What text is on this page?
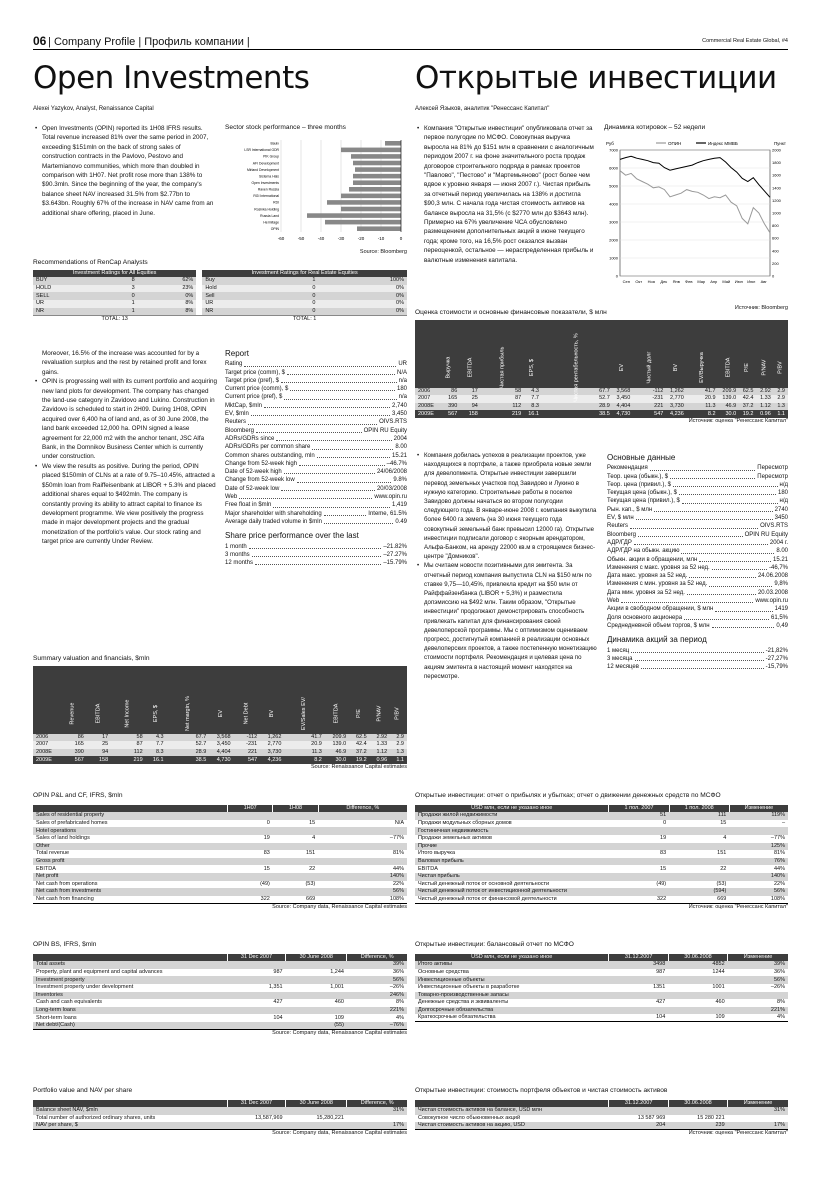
06 | Company Profile | Профиль компании |	Commercial Real Estate Global, #4
Open Investments	Открытые инвестиции
Alexei Yazykov, Analyst, Renaissance Capital	Алексей Языков, аналитик "Ренессанс Капитал"
• Open Investments (OPIN) reported its 1H08 IFRS results. Total revenue increased 81% over the same period in 2007, exceeding $151mln on the back of strong sales of construction contracts in the Pavlovo, Pestovo and Martemianovo communities, which more than doubled in comparison with 1H07. Net profit rose more than 138% to $90.3mln. Since the beginning of the year, the company's balance sheet NAV increased 31.5% from $2.77bn to $3.643bn. Roughly 67% of the increase in NAV came from an additional share offering, placed in June.
Sector stock performance – three months
-60	-50	-40	-30	-20	-10	0
Bauix
LSR International GDR
PIK Group
AFI Development
Mirland Development
Sistema Hals
Open Investments
Raven Russia
RGI International
RDI
Rosinka Holding
Russia Land
Hermitage
OPIN
Source: Bloomberg
Recommendations of RenCap Analysts
Investment Ratings for All Equities				Investment Ratings for Real Estate Equities		
BUY	8	62%		Buy	1	100%
HOLD	3	23%		Hold	0	0%
SELL	0	0%		Sell	0	0%
UR	1	8%		UR	0	0%
NR	1	8%		NR	0	0%
TOTAL: 13				TOTAL: 1		
Moreover, 16.5% of the increase was accounted for by a revaluation surplus and the rest by retained profit and forex gains.
• OPIN is progressing well with its current portfolio and acquiring new land plots for development. The company has changed the land-use category in Zavidovo and Lukino. Construction in Zavidovo is scheduled to start in 2H09. During 1H08, OPIN acquired over 6,400 ha of land and, as of 30 June 2008, the land bank exceeded 12,000 ha. OPIN signed a lease agreement for 22,000 m2 with the anchor tenant, JSC Alfa Bank, in the Domnikov Business Center which is currently under construction.
• We view the results as positive. During the period, OPIN placed $150mln of CLNs at a rate of 9.75–10.45%, attracted a $50mln loan from Raiffeisenbank at LIBOR + 5.3% and placed additional shares equal to $492mln. The company is constantly proving its ability to attract capital to finance its development programme. We view positively the progress made in major development projects and the gradual monetization of the portfolio's value. Our stock rating and target price are currently Under Review.
Report
Rating	UR
Target price (comm), $	N/A
Target price (pref), $	n/a
Current price (comm), $	180
Current price (pref), $	n/a
MktCap, $mln	2,740
EV, $mln	3,450
Reuters	OIVS.RTS
Bloomberg	OPIN RU Equity
ADRs/GDRs since	2004
ADRs/GDRs per common share	8.00
Common shares outstanding, mln	15.21
Change from 52-week high	–46.7%
Date of 52-week high	24/06/2008
Change from 52-week low	9.8%
Date of 52-week low	20/03/2008
Web	www.opin.ru
Free float in $mln	1,419
Major shareholder with shareholding	Inteme, 61.5%
Average daily traded volume in $mln	0.49
Share price performance over the last
1 month	–21.82%
3 months	–27.27%
12 months	–15.79%
Summary valuation and financials, $mln
	Revenue	EBITDA	Net Income	EPS, $	Net margin, %	EV	Net Debt	BV	EV/Sales EV/	EBITDA	P/E	P/NAV	P/BV
2006	86	17	58	4.3	67.7	3,568	-112	1,262	41.7	209.9	62.5	2.92	2.9
2007	165	25	87	7.7	52.7	3,450	-231	2,770	20.9	139.0	42.4	1.33	2.9
2008E	390	94	112	8.3	28.9	4,404	221	3,730	11.3	46.9	37.2	1.12	1.3
2009E	567	158	219	16.1	38.5	4,730	547	4,236	8.2	30.0	19.2	0.96	1.1
Source: Renaissance Capital estimates
• Компания "Открытые инвестиции" опубликовала отчет за первое полугодие по МСФО. Совокупная выручка выросла на 81% до $151 млн в сравнении с аналогичным периодом 2007 г. на фоне значительного роста продаж договоров строительного подряда в рамках проектов "Павлово", "Пестово" и "Мартемьяново" (рост более чем вдвое к уровню января — июня 2007 г.). Чистая прибыль за отчетный период увеличилась на 138% и достигла $90,3 млн. С начала года чистая стоимость активов на балансе выросла на 31,5% (с $2770 млн до $3643 млн). Примерно на 67% увеличение ЧСА обусловлено размещением дополнительных акций в июне текущего года; кроме того, на 16,5% рост оказался вызван переоценкой, остальное — нераспределенная прибыль и валютные изменения капитала.
Динамика котировок – 52 недели
Руб	Пункт
ОПИН	Индекс ММВБ
0
1000
2000
3000
4000
5000
6000
7000
0
200
400
600
800
1000
1200
1400
1600
1800
2000
Сен Окт Ноя Дек Янв Фев Мар Апр Май Июн Июл Авг
Источник: Bloomberg
Оценка стоимости и основные финансовые показатели, $ млн
	Выручка	EBITDA	Чистая прибыль	EPS, $	Чистая рентабельность, %	EV	Чистый долг	BV	EV/Выручка	EBITDA	P/E	P/NAV	P/BV
2006	86	17	58	4.3	67.7	3,568	-112	1,262	41.7	209.9	62.5	2.92	2.9
2007	165	25	87	7.7	52.7	3,450	-231	2,770	20.9	139.0	42.4	1.33	2.9
2008E	390	94	112	8.3	28.9	4,404	221	3,730	11.3	46.9	37.2	1.12	1.3
2009E	567	158	219	16.1	38.5	4,730	547	4,236	8.2	30.0	19.2	0.96	1.1
Источник: оценка "Ренессанс Капитал"
• Компания добилась успехов в реализации проектов, уже находящихся в портфеле, а также приобрела новые земли для девелопмента. Открытые инвестиции завершили перевод земельных участков под Завидово и Лукино в нужную категорию. Строительные работы в поселке Завидово должны начаться во втором полугодии следующего года. В январе-июне 2008 г. компания выкупила более 6400 га земель (на 30 июня текущего года совокупный земельный банк превысил 12000 га). Открытые инвестиции подписали договор с якорным арендатором, Альфа-Банком, на аренду 22000 кв.м в строящемся бизнес-центре "Домников".
• Мы считаем новости позитивными для эмитента. За отчетный период компания выпустила CLN на $150 млн по ставке 9,75—10,45%, привлекла кредит на $50 млн от Райффайзенбанка (LIBOR + 5,3%) и разместила допэмиссию на $492 млн. Таким образом, "Открытые инвестиции" продолжают демонстрировать способность привлекать капитал для финансирования своей девелоперской программы. Мы с оптимизмом оцениваем прогресс, достигнутый компанией в реализации основных девелоперских проектов, а также постепенную монетизацию стоимости портфеля. Рекомендация и целевая цена по акциям эмитента в настоящий момент находятся на пересмотре.
Основные данные
Рекомендация	Пересмотр
Теор. цена (обыкн.), $	Пересмотр
Теор. цена (привил.), $	н/д
Текущая цена (обыкн.), $	180
Текущая цена (привил.), $	н/д
Рын. кап., $ млн	2740
EV, $ млн	3450
Reuters	OIVS.RTS
Bloomberg	OPIN RU Equity
АДР/ГДР	2004 г.
АДР/ГДР на обыкн. акцию	8.00
Обыкн. акции в обращении, млн	15.21
Изменения с макс. уровня за 52 нед.	-46,7%
Дата макс. уровня за 52 нед.	24.06.2008
Изменения с мин. уровня за 52 нед.	9,8%
Дата мин. уровня за 52 нед.	20.03.2008
Web	www.opin.ru
Акции в свободном обращении, $ млн	1419
Доля основного акционера	61,5%
Среднедневной объем торгов, $ млн	0,49
Динамика акций за период
1 месяц	-21,82%
3 месяца	-27,27%
12 месяцев	-15,79%
OPIN P&L and CF, IFRS, $mln
	1H07	1H08	Difference, %
Sales of residential property			
Sales of prefabricated homes	0	15	N/A
Hotel operations			
Sales of land holdings	19	4	–77%
Other			
Total revenue	83	151	81%
Gross profit			
EBITDA	15	22	44%
Net profit			140%
Net cash from operations	(49)	(53)	22%
Net cash from investments			56%
Net cash from financing	322	669	108%
Source: Company data, Renaissance Capital estimates
Открытые инвестиции: отчет о прибылях и убытках; отчет о движении денежных средств по МСФО
USD млн, если не указано иное	1 пол. 2007	1 пол. 2008	Изменение
Продажи жилой недвижимости	51	111	119%
Продажи модульных сборных домов	0	15	–
Гостиничная недвижимость			
Продажи земельных активов	19	4	–77%
Прочие			125%
Итого выручка	83	151	81%
Валовая прибыль			76%
EBITDA	15	22	44%
Чистая прибыль			140%
Чистый денежный поток от основной деятельности	(49)	(53)	22%
Чистый денежный поток от инвестиционной деятельности		(594)	56%
Чистый денежный поток от финансовой деятельности	322	669	108%
Источник: оценка "Ренессанс Капитал"
OPIN BS, IFRS, $mln
	31 Dec 2007	30 June 2008	Difference, %
Total assets			39%
Property, plant and equipment and capital advances	987	1,244	36%
Investment property			56%
Investment property under development	1,351	1,001	–26%
Inventories			246%
Cash and cash equivalents	427	460	8%
Long-term loans			221%
Short-term loans	104	109	4%
Net debt/(Cash)		(55)	–76%
Source: Company data, Renaissance Capital estimates
Открытые инвестиции: балансовый отчет по МСФО
USD млн, если не указано иное	31.12.2007	30.06.2008	Изменение
Итого активы	3498	4852	39%
Основные средства	987	1244	36%
Инвестиционные объекты			56%
Инвестиционные объекты в разработке	1351	1001	–26%
Товарно-производственные запасы			
Денежные средства и эквиваленты	427	460	8%
Долгосрочные обязательства			221%
Краткосрочные обязательства	104	109	4%
Portfolio value and NAV per share
	31 Dec 2007	30 June 2008	Difference, %
Balance sheet NAV, $mln			31%
Total number of authorized ordinary shares, units	13,587,969	15,280,221	
NAV per share, $			17%
Source: Company data, Renaissance Capital estimates
Открытые инвестиции: стоимость портфеля объектов и чистая стоимость активов
	31.12.2007	30.06.2008	Изменение
Чистая стоимость активов на балансе, USD млн			31%
Совокупное число обыкновенных акций	13 587 969	15 280 221	
Чистая стоимость активов на акцию, USD	204	239	17%
Источник: оценка "Ренессанс Капитал"
